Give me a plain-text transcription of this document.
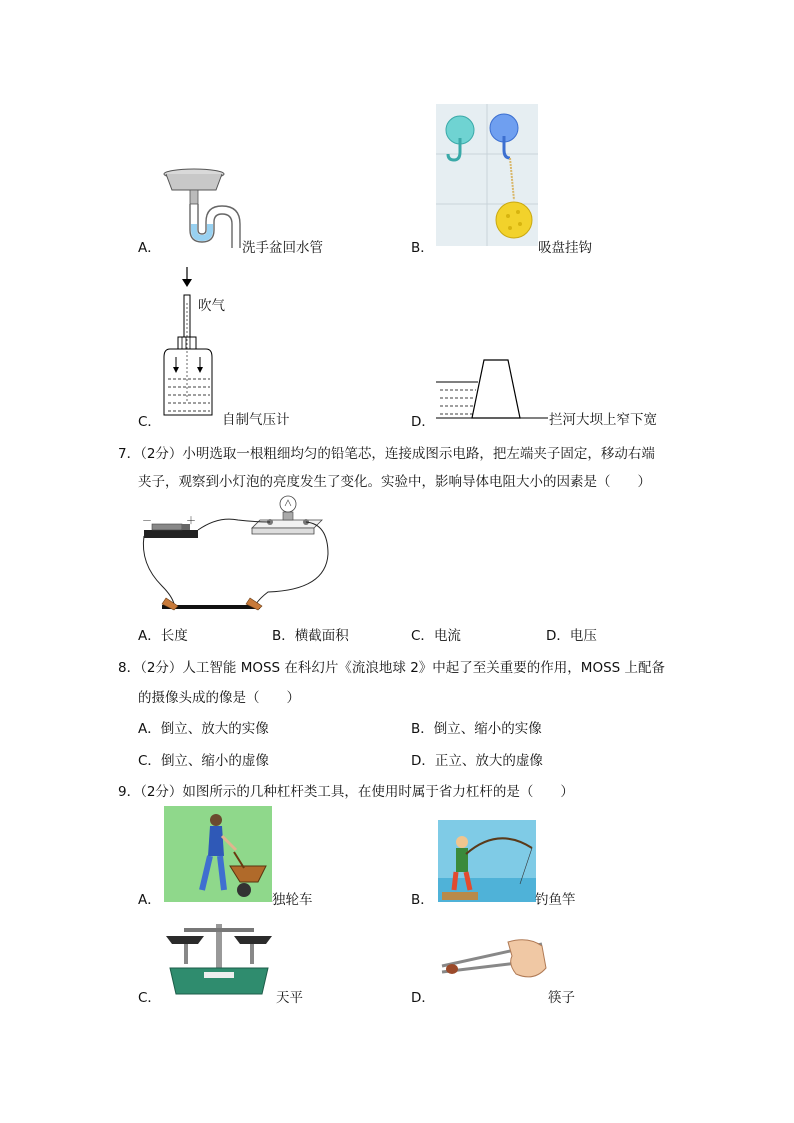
A．	洗手盆回水管	B．	吸盘挂钩
吹气
C．	自制气压计	D．	拦河大坝上窄下宽
7．（2分）小明选取一根粗细均匀的铅笔芯，连接成图示电路，把左端夹子固定，移动右端
夹子，观察到小灯泡的亮度发生了变化。实验中，影响导体电阻大小的因素是（　　）
－	＋
A．长度	B．横截面积	C．电流	D．电压
8．（2分）人工智能 MOSS 在科幻片《流浪地球 2》中起了至关重要的作用，MOSS 上配备
的摄像头成的像是（　　）
A．倒立、放大的实像	B．倒立、缩小的实像
C．倒立、缩小的虚像	D．正立、放大的虚像
9．（2分）如图所示的几种杠杆类工具，在使用时属于省力杠杆的是（　　）
A．	独轮车	B．	钓鱼竿
C．	天平	D．	筷子
